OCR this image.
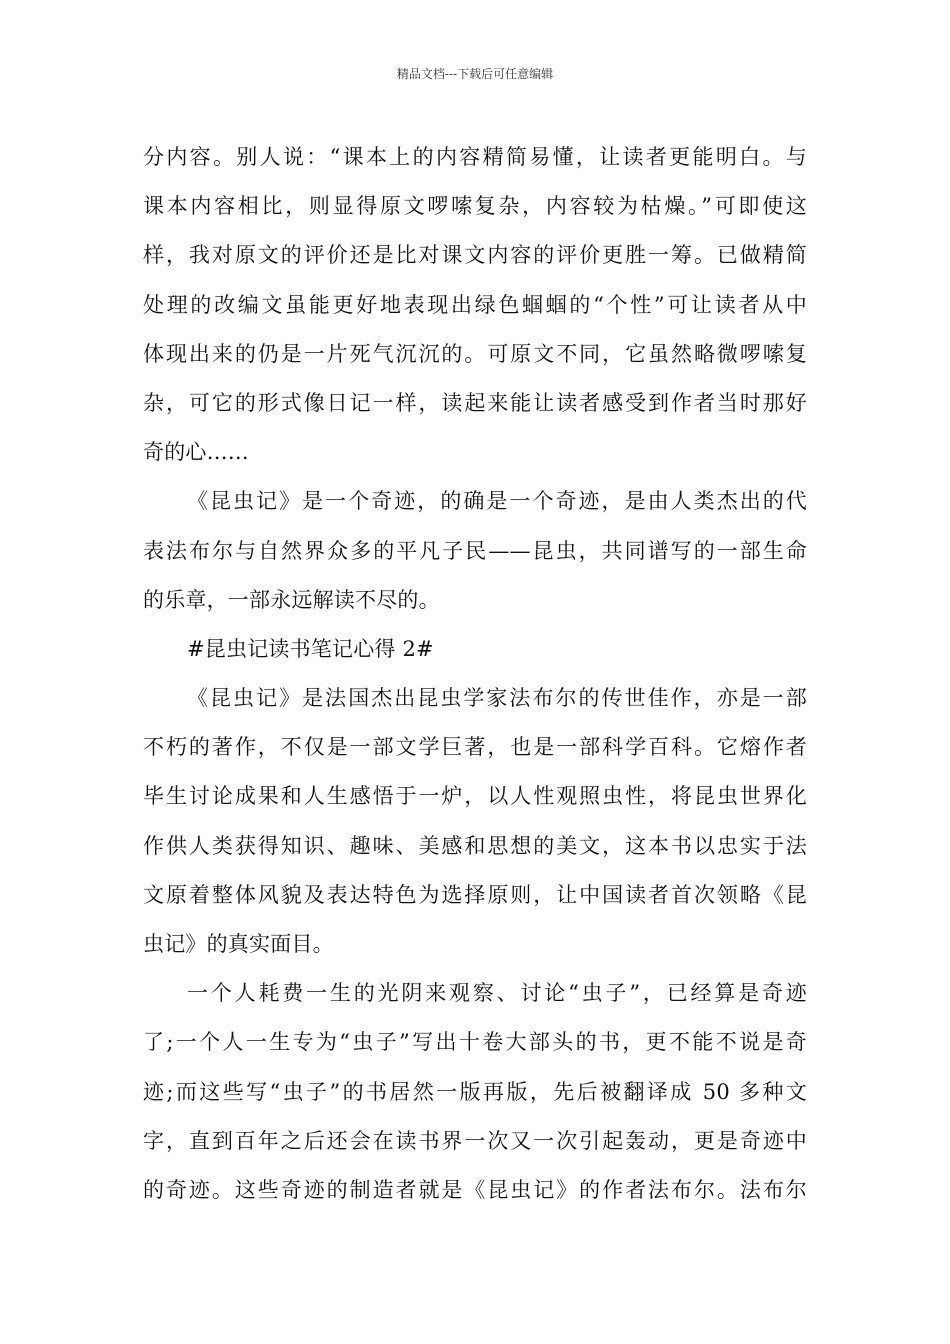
精品文档---下载后可任意编辑
分内容。别人说：“课本上的内容精简易懂，让读者更能明白。与
课本内容相比，则显得原文啰嗦复杂，内容较为枯燥。”可即使这
样，我对原文的评价还是比对课文内容的评价更胜一筹。已做精简
处理的改编文虽能更好地表现出绿色蝈蝈的“个性”可让读者从中
体现出来的仍是一片死气沉沉的。可原文不同，它虽然略微啰嗦复
杂，可它的形式像日记一样，读起来能让读者感受到作者当时那好
奇的心……
《昆虫记》是一个奇迹，的确是一个奇迹，是由人类杰出的代
表法布尔与自然界众多的平凡子民——昆虫，共同谱写的一部生命
的乐章，一部永远解读不尽的。
#昆虫记读书笔记心得 2#
《昆虫记》是法国杰出昆虫学家法布尔的传世佳作，亦是一部
不朽的著作，不仅是一部文学巨著，也是一部科学百科。它熔作者
毕生讨论成果和人生感悟于一炉，以人性观照虫性，将昆虫世界化
作供人类获得知识、趣味、美感和思想的美文，这本书以忠实于法
文原着整体风貌及表达特色为选择原则，让中国读者首次领略《昆
虫记》的真实面目。
一个人耗费一生的光阴来观察、讨论“虫子”，已经算是奇迹
了;一个人一生专为“虫子”写出十卷大部头的书，更不能不说是奇
迹;而这些写“虫子”的书居然一版再版，先后被翻译成 50 多种文
字，直到百年之后还会在读书界一次又一次引起轰动，更是奇迹中
的奇迹。这些奇迹的制造者就是《昆虫记》的作者法布尔。法布尔
